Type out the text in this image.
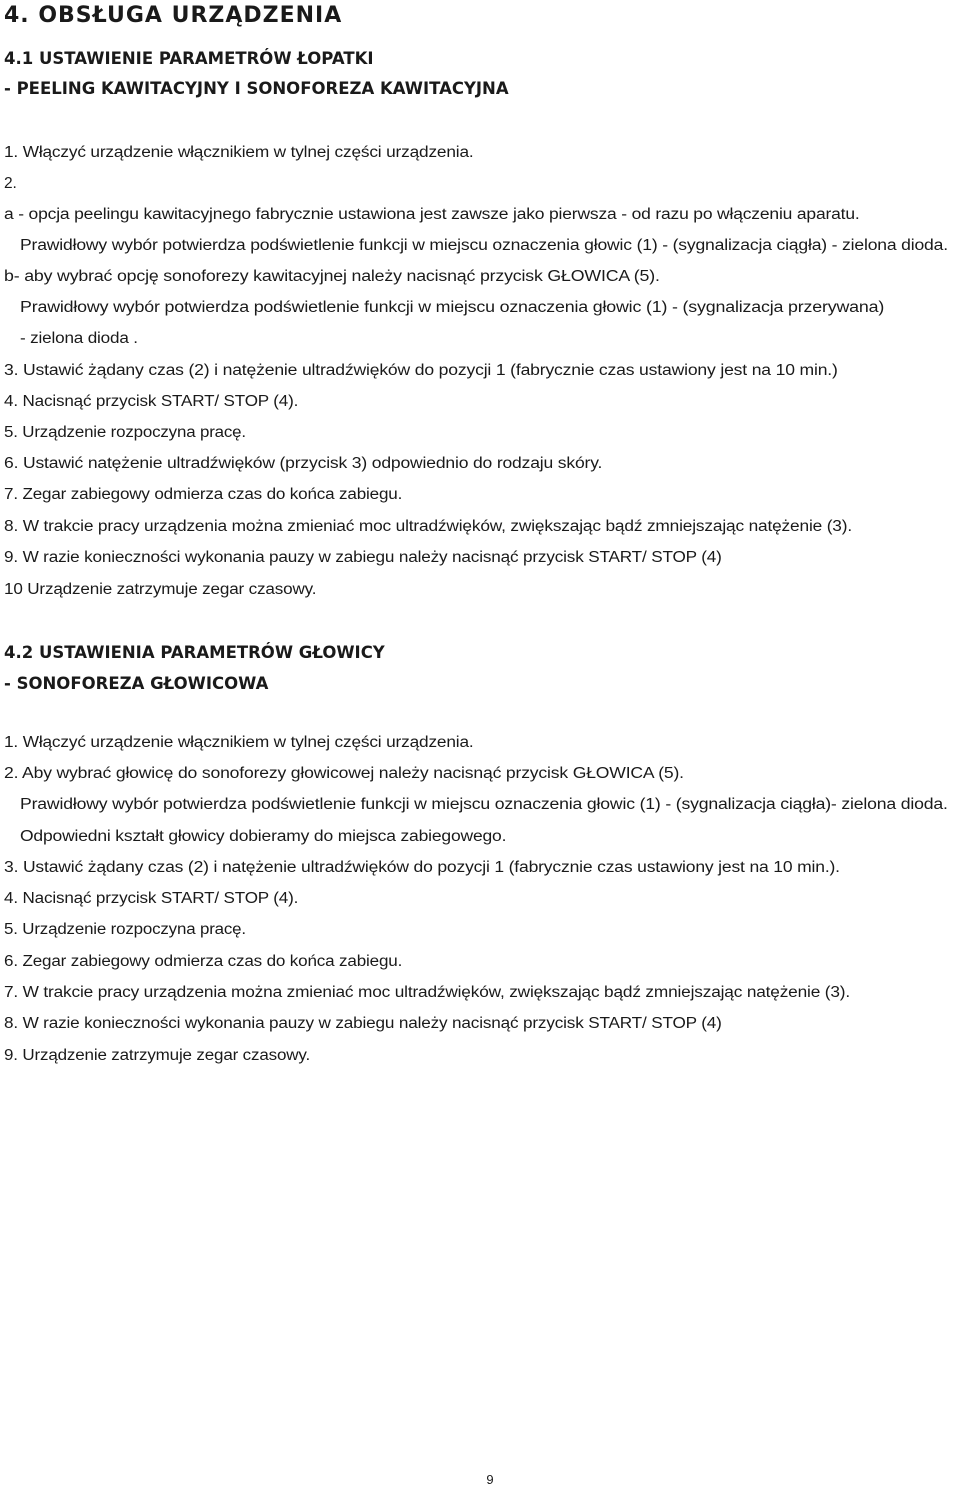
4. OBSŁUGA URZĄDZENIA
4.1 USTAWIENIE PARAMETRÓW ŁOPATKI
- PEELING KAWITACYJNY I SONOFOREZA KAWITACYJNA
1. Włączyć urządzenie włącznikiem w tylnej części urządzenia.
2.
a - opcja peelingu kawitacyjnego fabrycznie ustawiona jest zawsze jako pierwsza - od razu po włączeniu aparatu.
Prawidłowy wybór potwierdza podświetlenie funkcji w miejscu oznaczenia głowic (1) - (sygnalizacja ciągła) - zielona dioda.
b- aby wybrać opcję sonoforezy kawitacyjnej należy nacisnąć przycisk GŁOWICA (5).
Prawidłowy wybór potwierdza podświetlenie funkcji w miejscu oznaczenia głowic (1) - (sygnalizacja przerywana)
- zielona dioda .
3. Ustawić żądany czas (2) i natężenie ultradźwięków do pozycji 1 (fabrycznie czas ustawiony jest na 10 min.)
4. Nacisnąć przycisk START/ STOP (4).
5. Urządzenie rozpoczyna pracę.
6. Ustawić natężenie ultradźwięków (przycisk 3) odpowiednio do rodzaju skóry.
7. Zegar zabiegowy odmierza czas do końca zabiegu.
8. W trakcie pracy urządzenia można zmieniać moc ultradźwięków, zwiększając bądź zmniejszając natężenie (3).
9. W razie konieczności wykonania pauzy w zabiegu należy nacisnąć przycisk START/ STOP (4)
10 Urządzenie zatrzymuje zegar czasowy.
4.2 USTAWIENIA PARAMETRÓW GŁOWICY
- SONOFOREZA GŁOWICOWA
1. Włączyć urządzenie włącznikiem w tylnej części urządzenia.
2. Aby wybrać głowicę do sonoforezy głowicowej należy nacisnąć przycisk GŁOWICA (5).
Prawidłowy wybór potwierdza podświetlenie funkcji w miejscu oznaczenia głowic (1) - (sygnalizacja ciągła)- zielona dioda.
Odpowiedni kształt głowicy dobieramy do miejsca zabiegowego.
3. Ustawić żądany czas (2) i natężenie ultradźwięków do pozycji 1 (fabrycznie czas ustawiony jest na 10 min.).
4. Nacisnąć przycisk START/ STOP (4).
5. Urządzenie rozpoczyna pracę.
6. Zegar zabiegowy odmierza czas do końca zabiegu.
7. W trakcie pracy urządzenia można zmieniać moc ultradźwięków, zwiększając bądź zmniejszając natężenie (3).
8. W razie konieczności wykonania pauzy w zabiegu należy nacisnąć przycisk START/ STOP (4)
9. Urządzenie zatrzymuje zegar czasowy.
9
